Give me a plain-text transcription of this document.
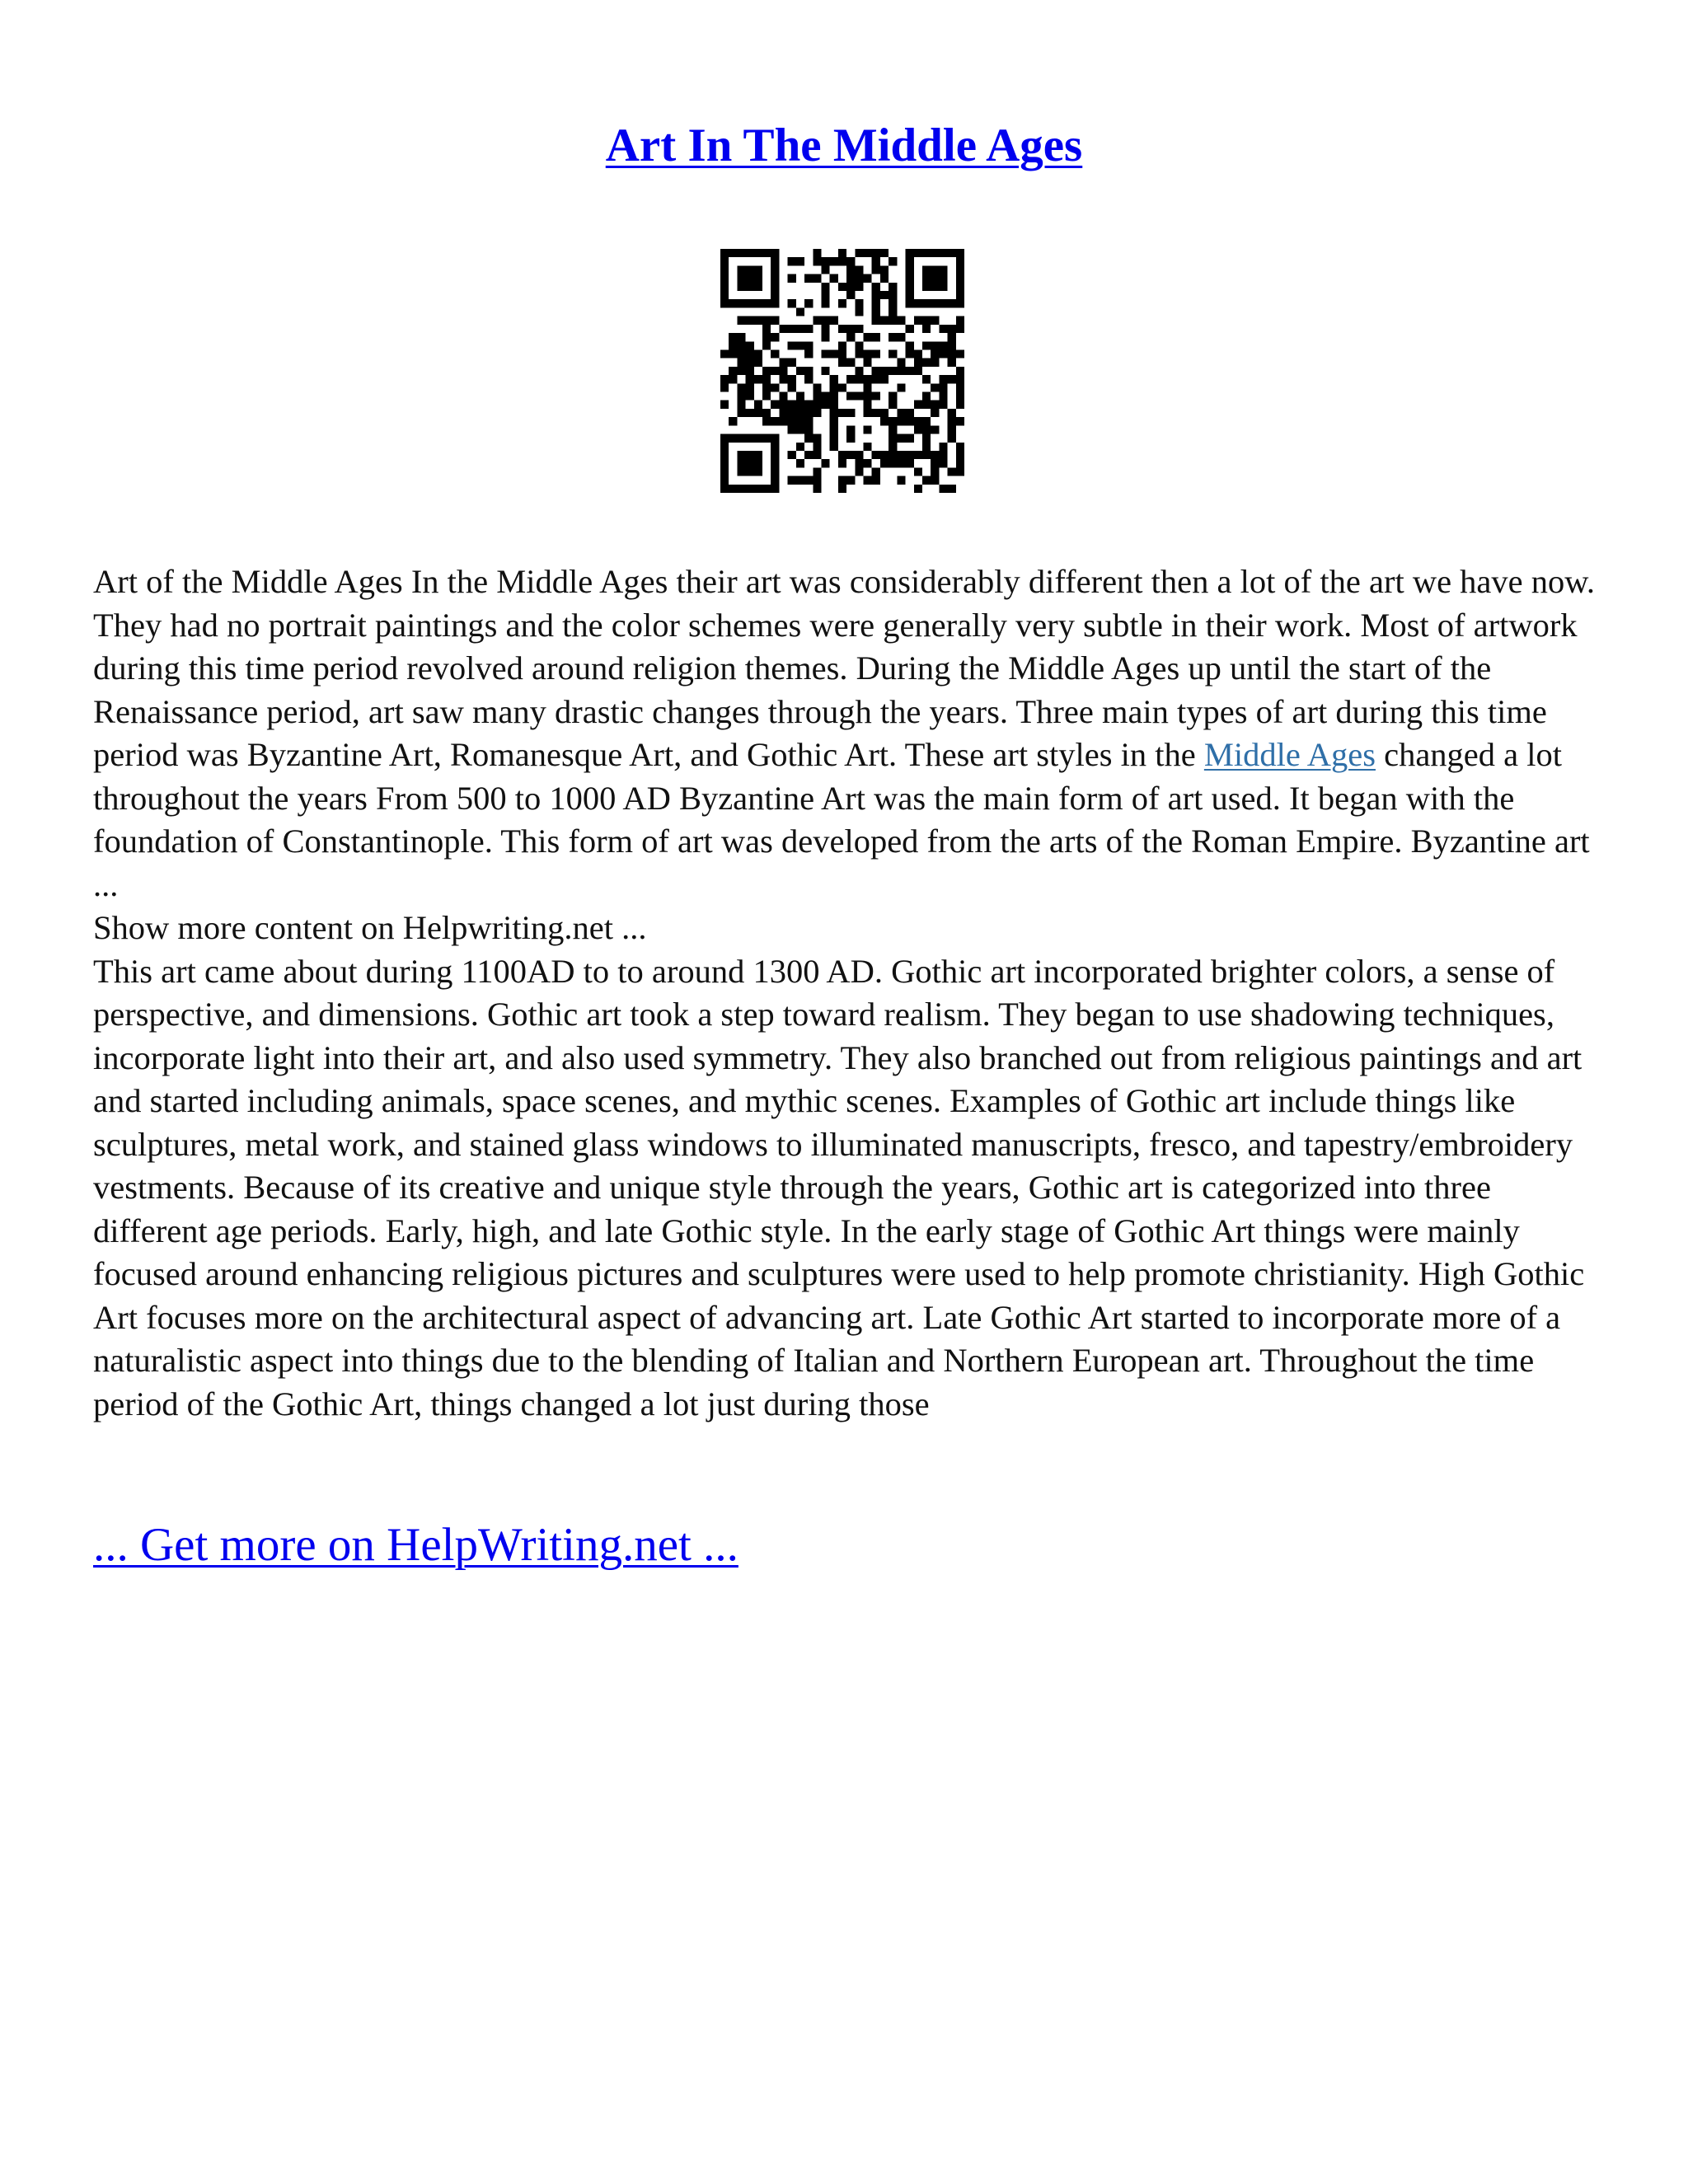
Art In The Middle Ages

Art of the Middle Ages In the Middle Ages their art was considerably different then a lot of the art we have now. They had no portrait paintings and the color schemes were generally very subtle in their work. Most of artwork during this time period revolved around religion themes. During the Middle Ages up until the start of the Renaissance period, art saw many drastic changes through the years. Three main types of art during this time period was Byzantine Art, Romanesque Art, and Gothic Art. These art styles in the Middle Ages changed a lot throughout the years From 500 to 1000 AD Byzantine Art was the main form of art used. It began with the foundation of Constantinople. This form of art was developed from the arts of the Roman Empire. Byzantine art ...
Show more content on Helpwriting.net ...

This art came about during 1100AD to to around 1300 AD. Gothic art incorporated brighter colors, a sense of perspective, and dimensions. Gothic art took a step toward realism. They began to use shadowing techniques, incorporate light into their art, and also used symmetry. They also branched out from religious paintings and art and started including animals, space scenes, and mythic scenes. Examples of Gothic art include things like sculptures, metal work, and stained glass windows to illuminated manuscripts, fresco, and tapestry/embroidery vestments. Because of its creative and unique style through the years, Gothic art is categorized into three different age periods. Early, high, and late Gothic style. In the early stage of Gothic Art things were mainly focused around enhancing religious pictures and sculptures were used to help promote christianity. High Gothic Art focuses more on the architectural aspect of advancing art. Late Gothic Art started to incorporate more of a naturalistic aspect into things due to the blending of Italian and Northern European art. Throughout the time period of the Gothic Art, things changed a lot just during those

... Get more on HelpWriting.net ...
